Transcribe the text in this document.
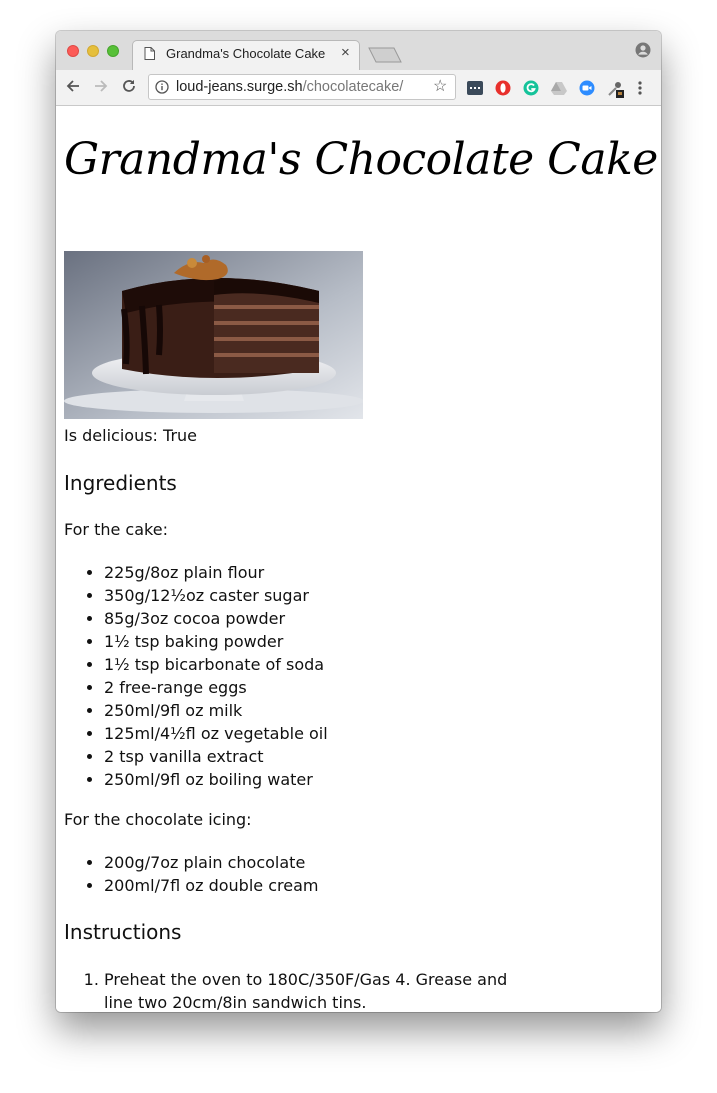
Grandma's Chocolate Cake ×
loud-jeans.surge.sh/chocolatecake/ ☆
Grandma's Chocolate Cake
Is delicious: True
Ingredients
For the cake:
• 225g/8oz plain flour
• 350g/12½oz caster sugar
• 85g/3oz cocoa powder
• 1½ tsp baking powder
• 1½ tsp bicarbonate of soda
• 2 free-range eggs
• 250ml/9fl oz milk
• 125ml/4½fl oz vegetable oil
• 2 tsp vanilla extract
• 250ml/9fl oz boiling water
For the chocolate icing:
• 200g/7oz plain chocolate
• 200ml/7fl oz double cream
Instructions
1. Preheat the oven to 180C/350F/Gas 4. Grease and line two 20cm/8in sandwich tins.
